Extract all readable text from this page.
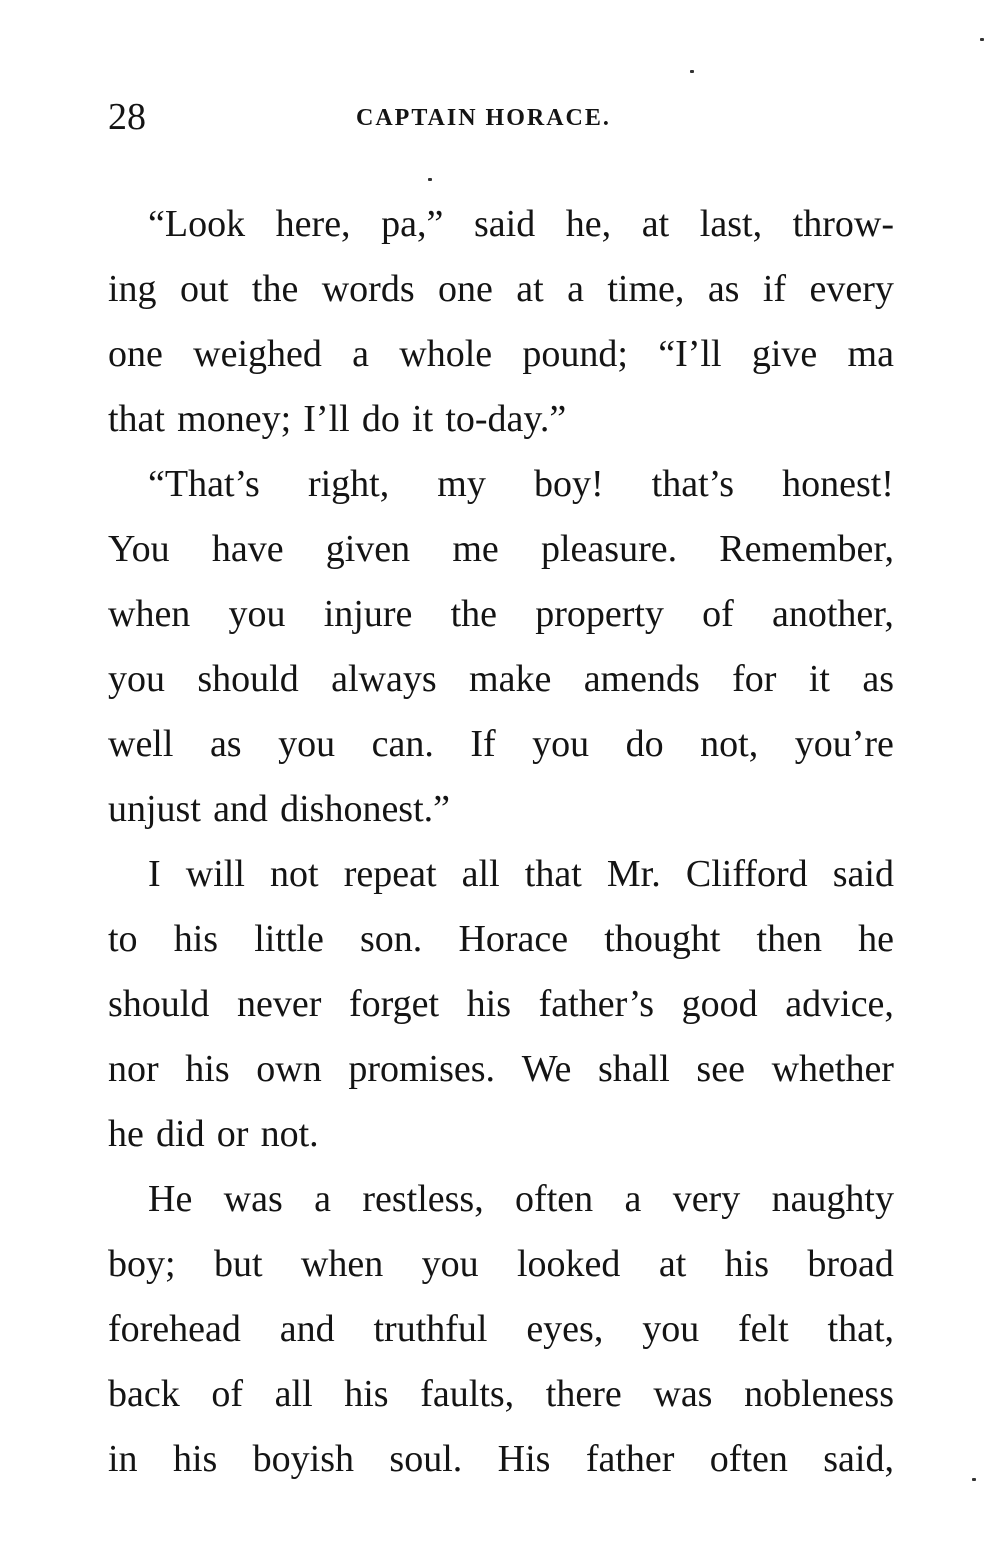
28	CAPTAIN HORACE.
“Look here, pa,” said he, at last, throw-
ing out the words one at a time, as if every
one weighed a whole pound; “I’ll give ma
that money; I’ll do it to-day.”
“That’s right, my boy! that’s honest!
You have given me pleasure. Remember,
when you injure the property of another,
you should always make amends for it as
well as you can. If you do not, you’re
unjust and dishonest.”
I will not repeat all that Mr. Clifford said
to his little son. Horace thought then he
should never forget his father’s good advice,
nor his own promises. We shall see whether
he did or not.
He was a restless, often a very naughty
boy; but when you looked at his broad
forehead and truthful eyes, you felt that,
back of all his faults, there was nobleness
in his boyish soul. His father often said,
